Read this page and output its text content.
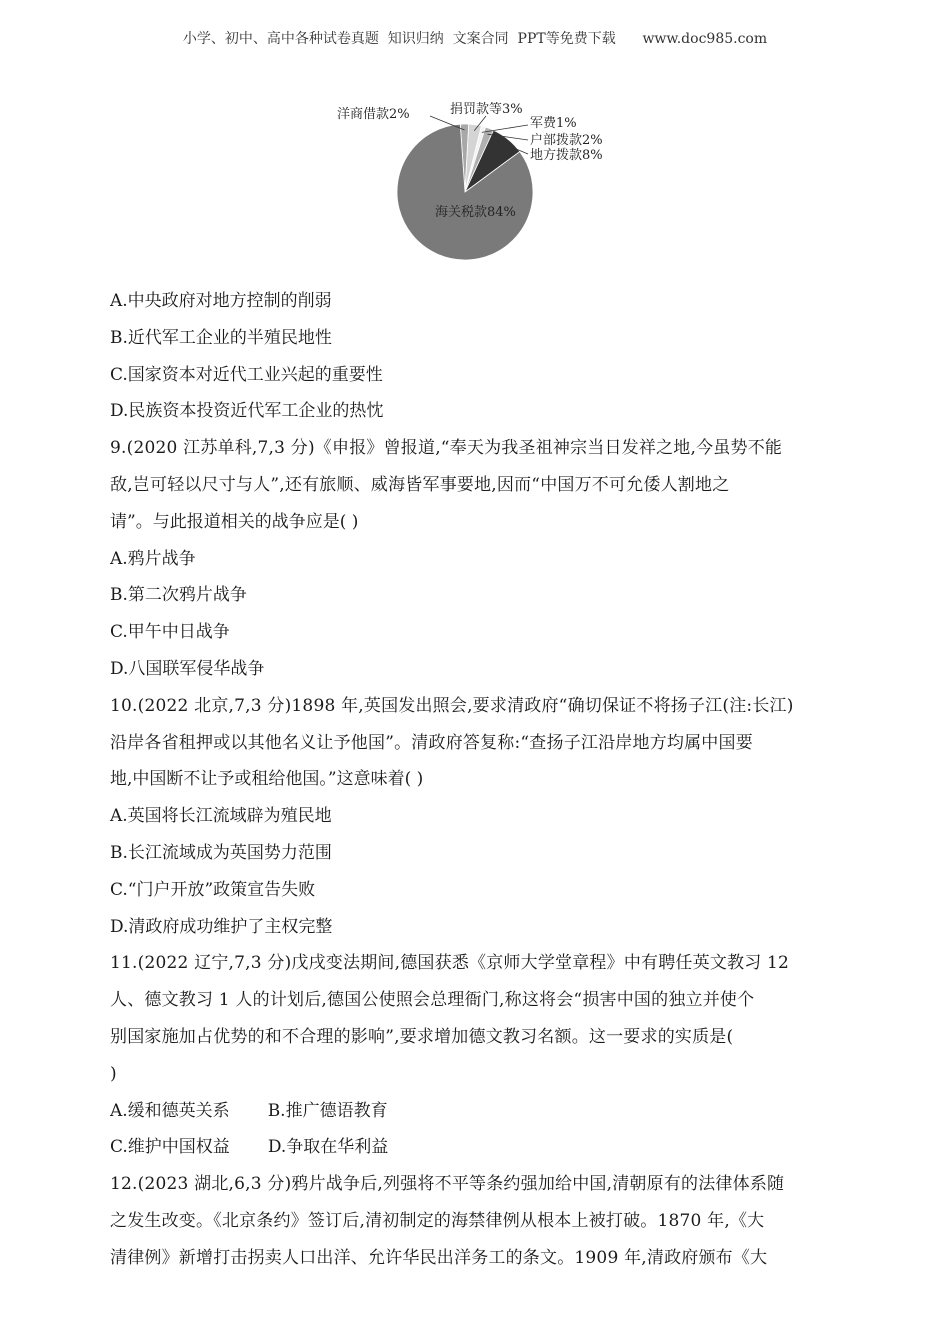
小学、初中、高中各种试卷真题  知识归纳  文案合同  PPT等免费下载      www.doc985.com
洋商借款2%	捐罚款等3%
军费1%
户部拨款2%
地方拨款8%
海关税款84%
A.中央政府对地方控制的削弱
B.近代军工企业的半殖民地性
C.国家资本对近代工业兴起的重要性
D.民族资本投资近代军工企业的热忱
9.(2020 江苏单科,7,3 分)《申报》曾报道,“奉天为我圣祖神宗当日发祥之地,今虽势不能
敌,岂可轻以尺寸与人”,还有旅顺、威海皆军事要地,因而“中国万不可允倭人割地之
请”。与此报道相关的战争应是( )
A.鸦片战争
B.第二次鸦片战争
C.甲午中日战争
D.八国联军侵华战争
10.(2022 北京,7,3 分)1898 年,英国发出照会,要求清政府“确切保证不将扬子江(注:长江)
沿岸各省租押或以其他名义让予他国”。清政府答复称:“查扬子江沿岸地方均属中国要
地,中国断不让予或租给他国。”这意味着( )
A.英国将长江流域辟为殖民地
B.长江流域成为英国势力范围
C.“门户开放”政策宣告失败
D.清政府成功维护了主权完整
11.(2022 辽宁,7,3 分)戊戌变法期间,德国获悉《京师大学堂章程》中有聘任英文教习 12
人、德文教习 1 人的计划后,德国公使照会总理衙门,称这将会“损害中国的独立并使个
别国家施加占优势的和不合理的影响”,要求增加德文教习名额。这一要求的实质是(
)
A.缓和德英关系 B.推广德语教育
C.维护中国权益 D.争取在华利益
12.(2023 湖北,6,3 分)鸦片战争后,列强将不平等条约强加给中国,清朝原有的法律体系随
之发生改变。《北京条约》签订后,清初制定的海禁律例从根本上被打破。1870 年,《大
清律例》新增打击拐卖人口出洋、允许华民出洋务工的条文。1909 年,清政府颁布《大
